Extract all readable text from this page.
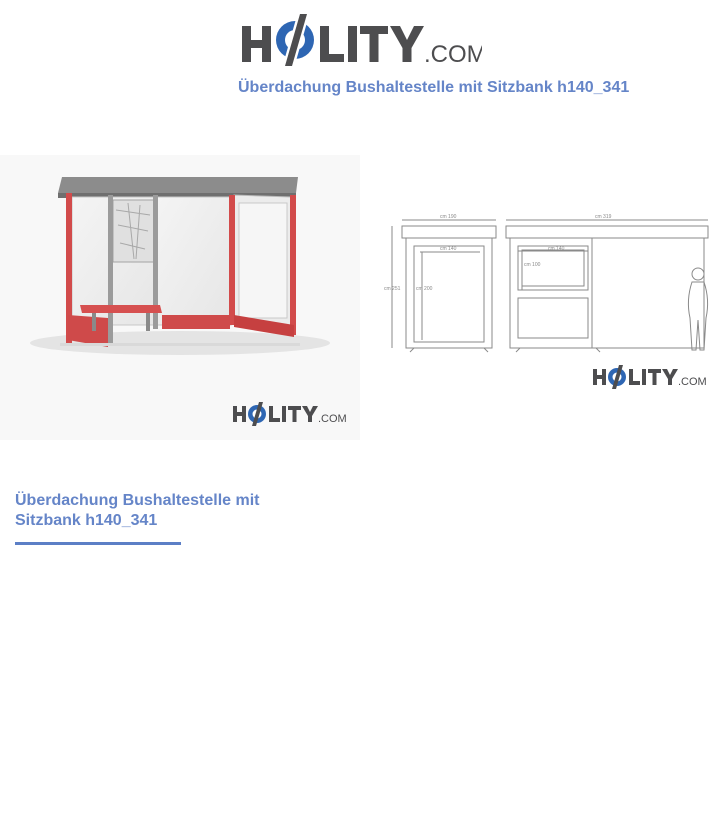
.COM
Überdachung Bushaltestelle mit Sitzbank h140_341
.COM
cm 190
cm 140
cm 319
cm 140
cm 251	cm 200
cm 100
.COM
Überdachung Bushaltestelle mit Sitzbank h140_341
